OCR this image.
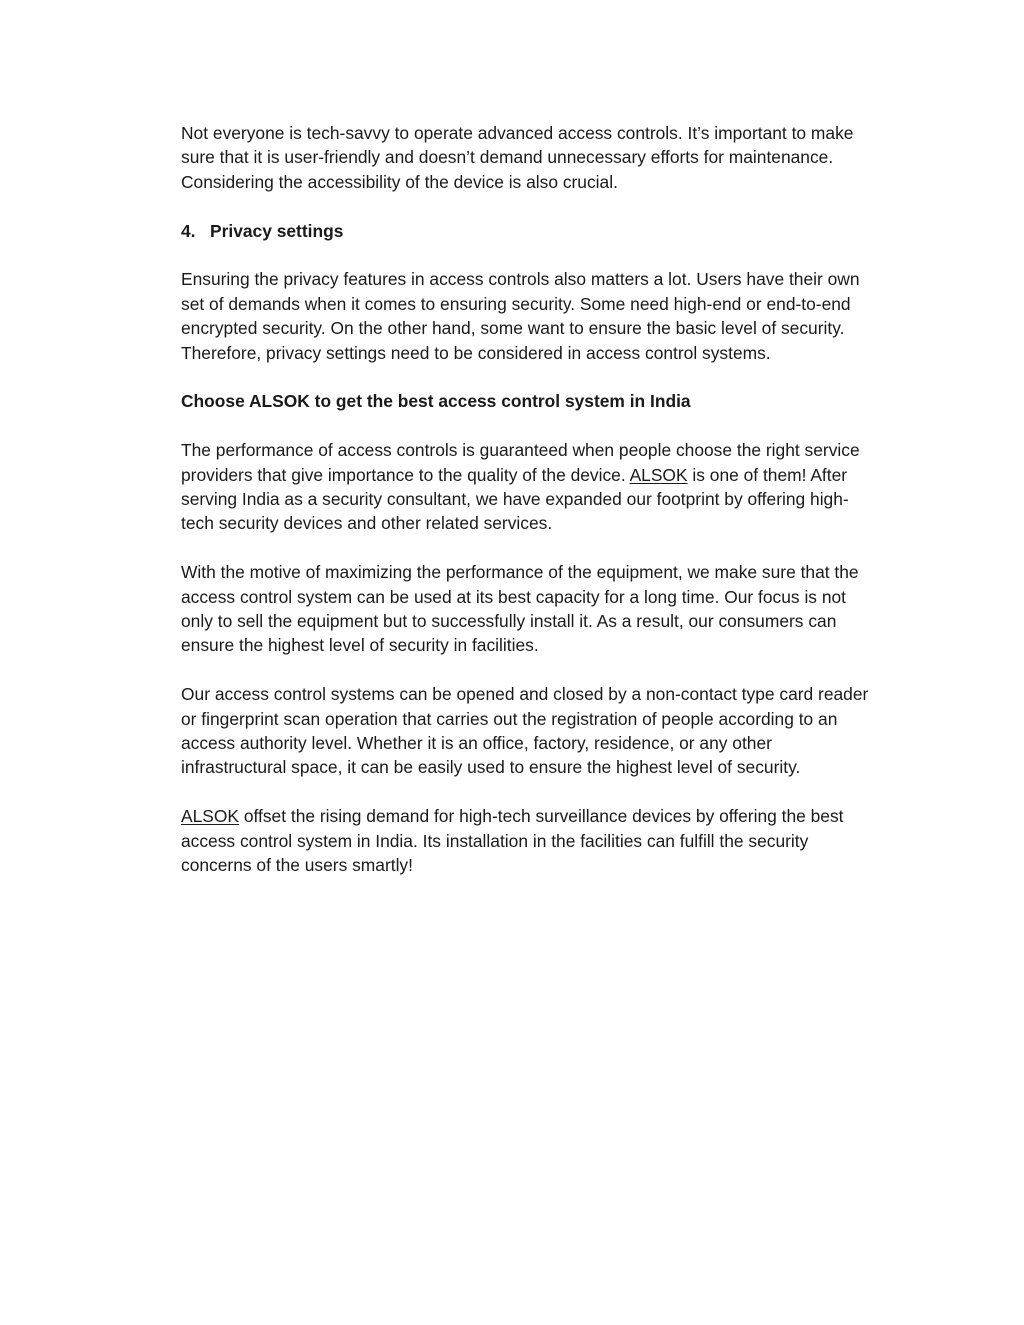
Not everyone is tech-savvy to operate advanced access controls. It’s important to make
sure that it is user-friendly and doesn’t demand unnecessary efforts for maintenance.
Considering the accessibility of the device is also crucial.

4. Privacy settings

Ensuring the privacy features in access controls also matters a lot. Users have their own
set of demands when it comes to ensuring security. Some need high-end or end-to-end
encrypted security. On the other hand, some want to ensure the basic level of security.
Therefore, privacy settings need to be considered in access control systems.

Choose ALSOK to get the best access control system in India

The performance of access controls is guaranteed when people choose the right service
providers that give importance to the quality of the device. ALSOK is one of them! After
serving India as a security consultant, we have expanded our footprint by offering high-
tech security devices and other related services.

With the motive of maximizing the performance of the equipment, we make sure that the
access control system can be used at its best capacity for a long time. Our focus is not
only to sell the equipment but to successfully install it. As a result, our consumers can
ensure the highest level of security in facilities.

Our access control systems can be opened and closed by a non-contact type card reader
or fingerprint scan operation that carries out the registration of people according to an
access authority level. Whether it is an office, factory, residence, or any other
infrastructural space, it can be easily used to ensure the highest level of security.

ALSOK offset the rising demand for high-tech surveillance devices by offering the best
access control system in India. Its installation in the facilities can fulfill the security
concerns of the users smartly!
